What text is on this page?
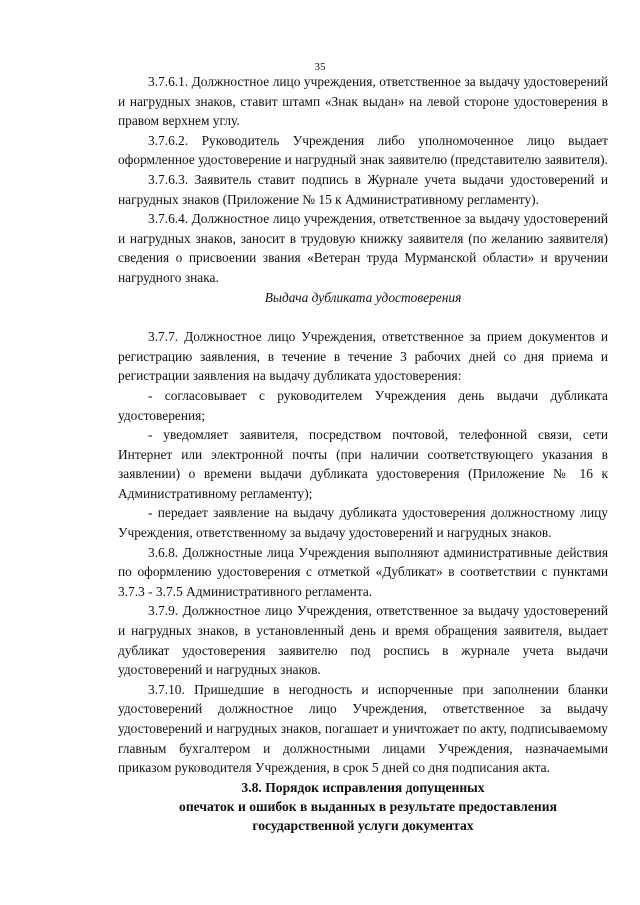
35

3.7.6.1. Должностное лицо учреждения, ответственное за выдачу удостоверений и нагрудных знаков, ставит штамп «Знак выдан» на левой стороне удостоверения в правом верхнем углу.

3.7.6.2. Руководитель Учреждения либо уполномоченное лицо выдает оформленное удостоверение и нагрудный знак заявителю (представителю заявителя).

3.7.6.3. Заявитель ставит подпись в Журнале учета выдачи удостоверений и нагрудных знаков (Приложение № 15 к Административному регламенту).

3.7.6.4. Должностное лицо учреждения, ответственное за выдачу удостоверений и нагрудных знаков, заносит в трудовую книжку заявителя (по желанию заявителя) сведения о присвоении звания «Ветеран труда Мурманской области» и вручении нагрудного знака.

Выдача дубликата удостоверения

3.7.7. Должностное лицо Учреждения, ответственное за прием документов и регистрацию заявления, в течение в течение 3 рабочих дней со дня приема и регистрации заявления на выдачу дубликата удостоверения:

- согласовывает с руководителем Учреждения день выдачи дубликата удостоверения;

- уведомляет заявителя, посредством почтовой, телефонной связи, сети Интернет или электронной почты (при наличии соответствующего указания в заявлении) о времени выдачи дубликата удостоверения (Приложение № 16 к Административному регламенту);

- передает заявление на выдачу дубликата удостоверения должностному лицу Учреждения, ответственному за выдачу удостоверений и нагрудных знаков.

3.6.8. Должностные лица Учреждения выполняют административные действия по оформлению удостоверения с отметкой «Дубликат» в соответствии с пунктами 3.7.3 - 3.7.5 Административного регламента.

3.7.9. Должностное лицо Учреждения, ответственное за выдачу удостоверений и нагрудных знаков, в установленный день и время обращения заявителя, выдает дубликат удостоверения заявителю под роспись в журнале учета выдачи удостоверений и нагрудных знаков.

3.7.10. Пришедшие в негодность и испорченные при заполнении бланки удостоверений должностное лицо Учреждения, ответственное за выдачу удостоверений и нагрудных знаков, погашает и уничтожает по акту, подписываемому главным бухгалтером и должностными лицами Учреждения, назначаемыми приказом руководителя Учреждения, в срок 5 дней со дня подписания акта.

3.8. Порядок исправления допущенных
опечаток и ошибок в выданных в результате предоставления
государственной услуги документах
